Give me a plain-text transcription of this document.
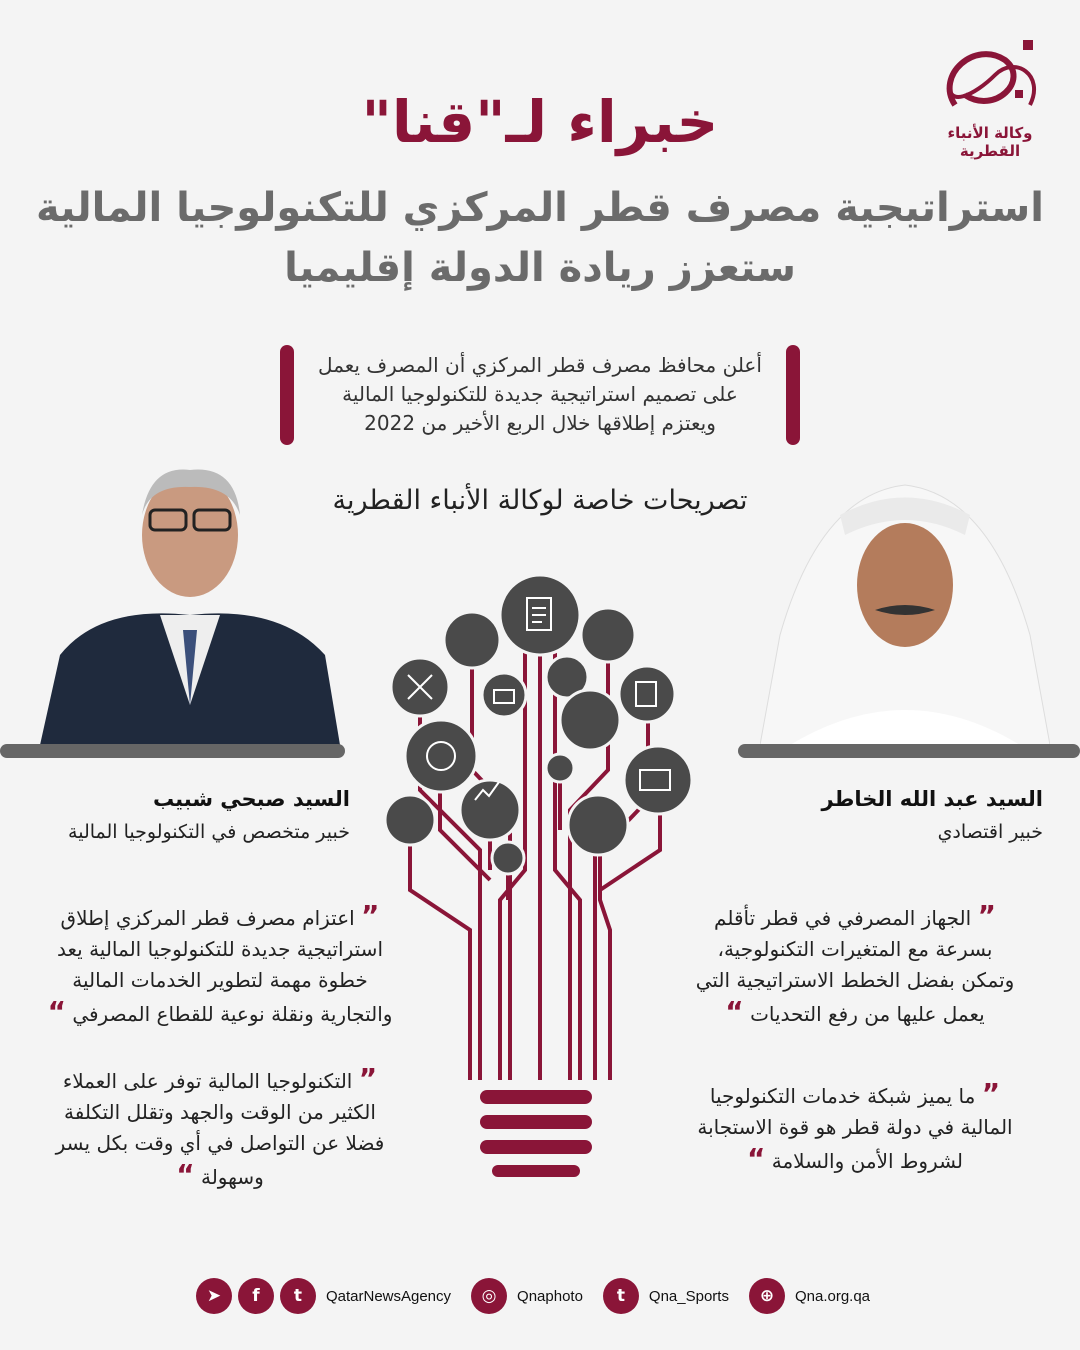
وكالة الأنباء
القطرية
خبراء لـ"قنا"
استراتيجية مصرف قطر المركزي للتكنولوجيا المالية
ستعزز ريادة الدولة إقليميا
أعلن محافظ مصرف قطر المركزي أن المصرف يعمل
على تصميم استراتيجية جديدة للتكنولوجيا المالية
ويعتزم إطلاقها خلال الربع الأخير من 2022
تصريحات خاصة لوكالة الأنباء القطرية
السيد عبد الله الخاطر
خبير اقتصادي
السيد صبحي شبيب
خبير متخصص في التكنولوجيا المالية
” الجهاز المصرفي في قطر تأقلم
بسرعة مع المتغيرات التكنولوجية،
وتمكن بفضل الخطط الاستراتيجية التي
يعمل عليها من رفع التحديات “
” ما يميز شبكة خدمات التكنولوجيا
المالية في دولة قطر هو قوة الاستجابة
لشروط الأمن والسلامة “
” اعتزام مصرف قطر المركزي إطلاق
استراتيجية جديدة للتكنولوجيا المالية يعد
خطوة مهمة لتطوير الخدمات المالية
والتجارية ونقلة نوعية للقطاع المصرفي “
” التكنولوجيا المالية توفر على العملاء
الكثير من الوقت والجهد وتقلل التكلفة
فضلا عن التواصل في أي وقت بكل يسر
وسهولة “
➤	f	t	QatarNewsAgency	◎	Qnaphoto	t	Qna_Sports	⊕	Qna.org.qa
